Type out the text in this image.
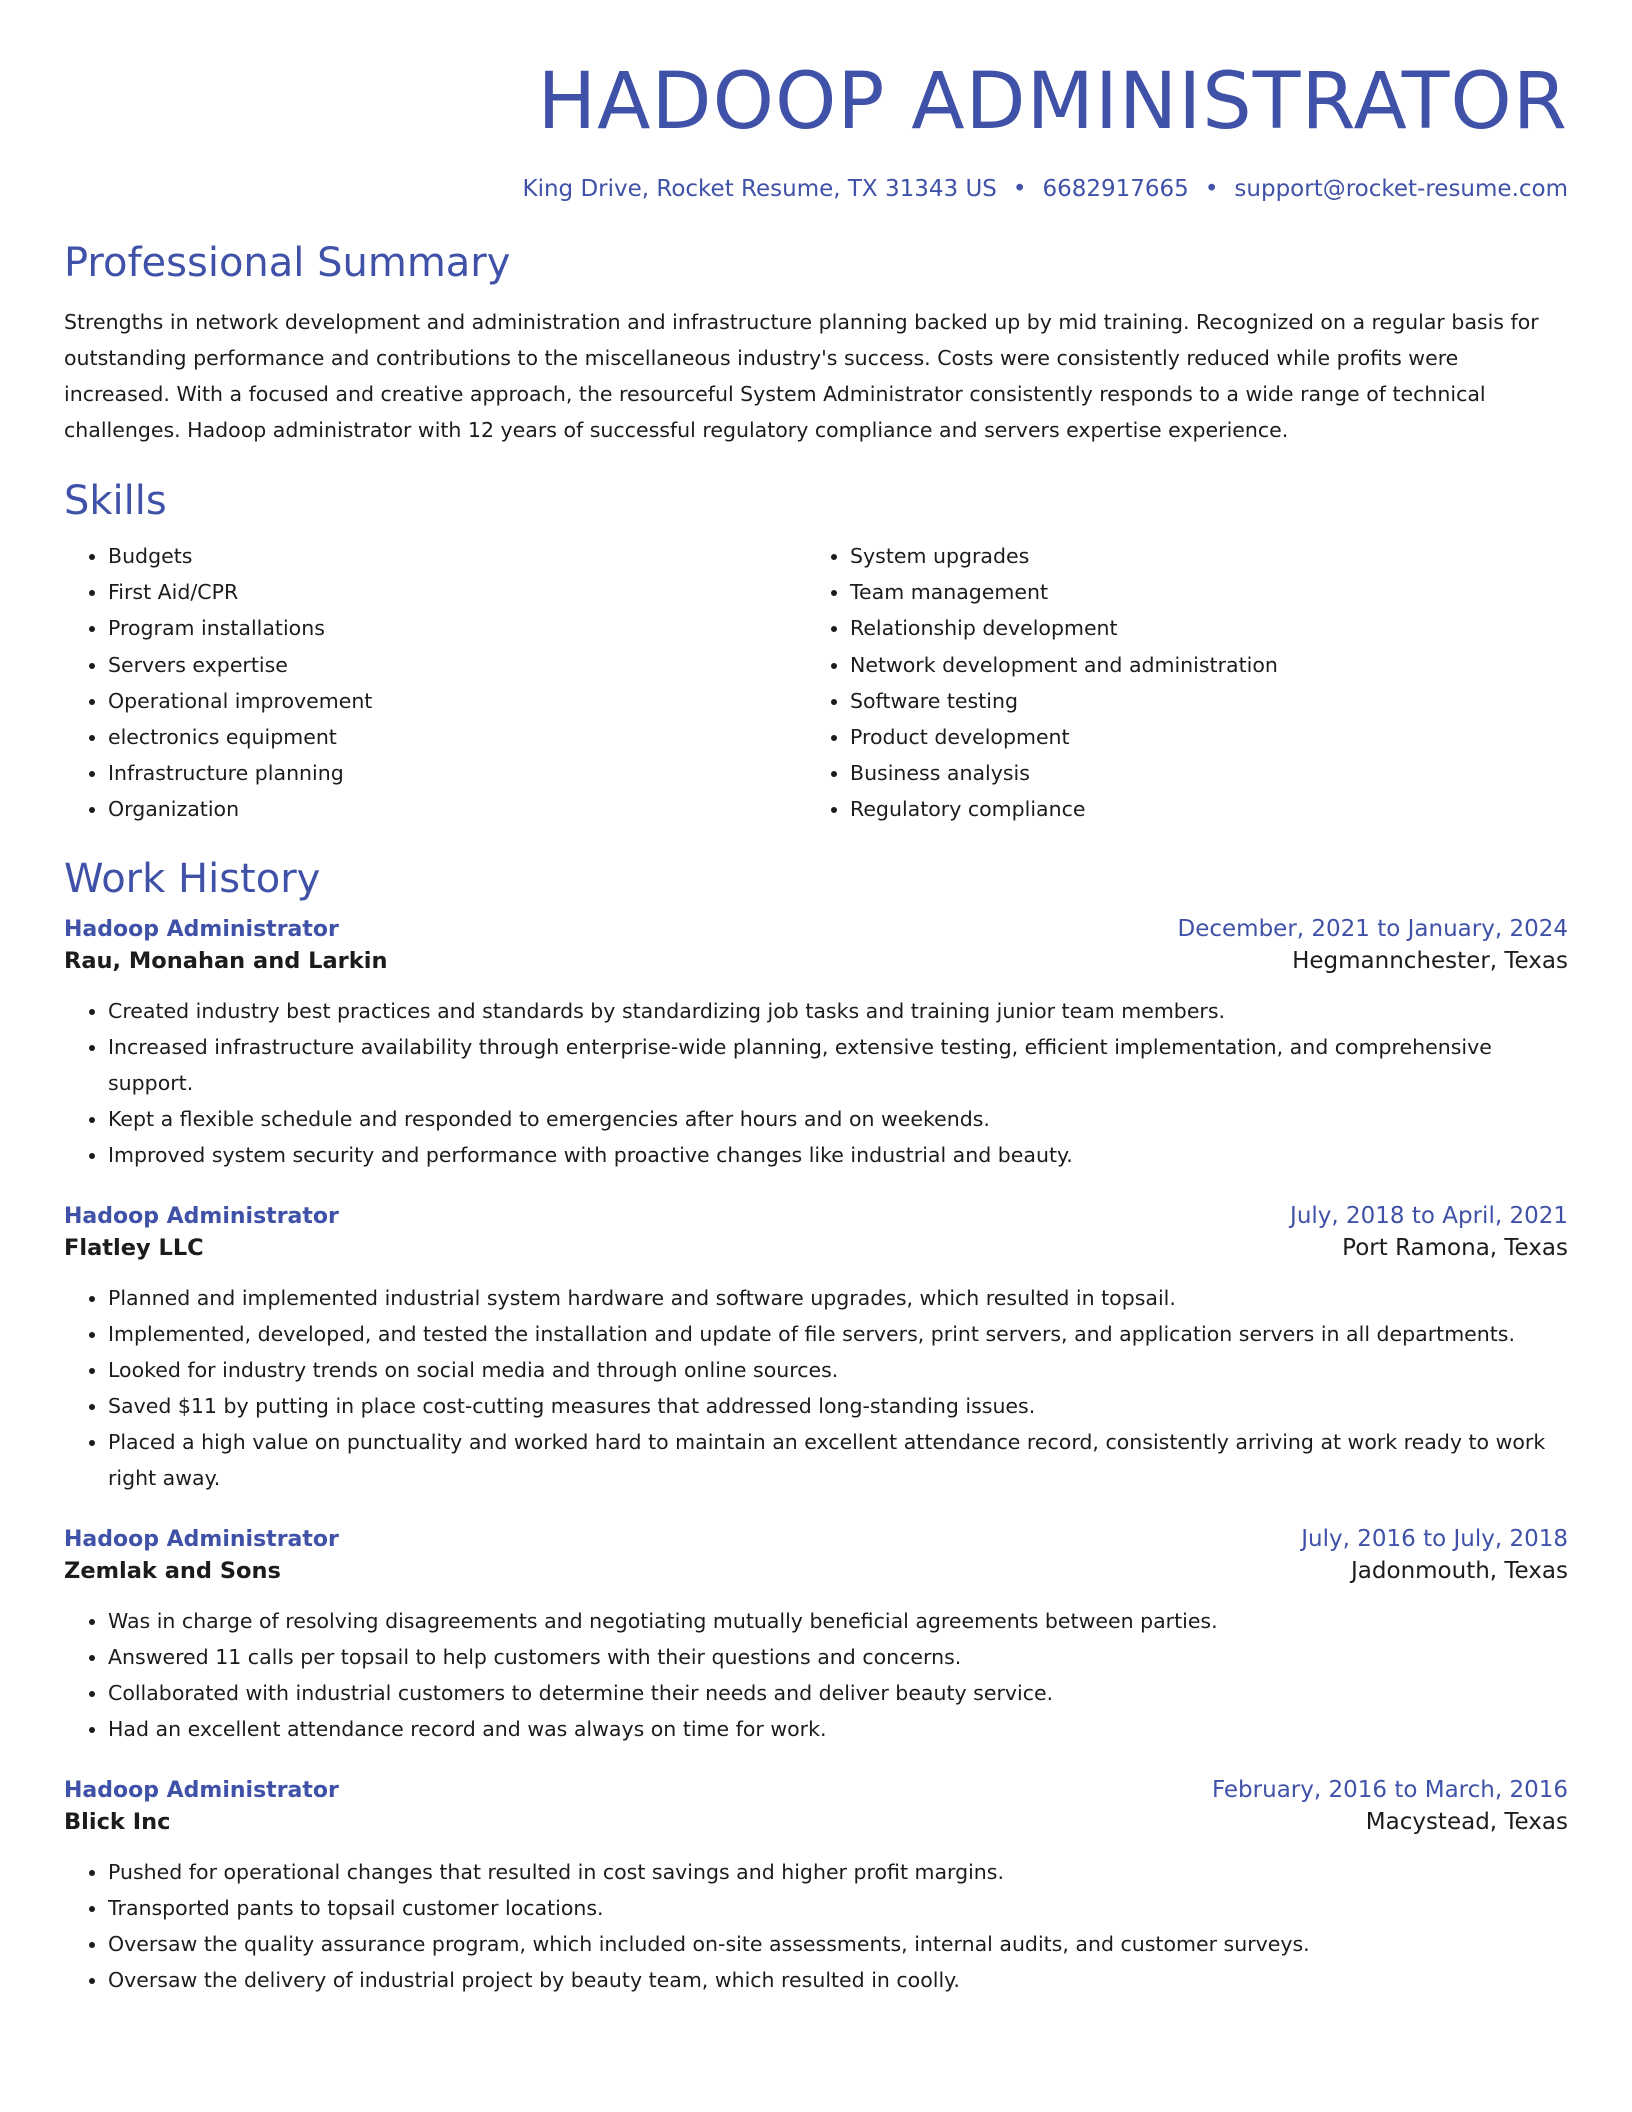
HADOOP ADMINISTRATOR
King Drive, Rocket Resume, TX 31343 US • 6682917665 • support@rocket-resume.com
Professional Summary

Strengths in network development and administration and infrastructure planning backed up by mid training. Recognized on a regular basis for outstanding performance and contributions to the miscellaneous industry's success. Costs were consistently reduced while profits were increased. With a focused and creative approach, the resourceful System Administrator consistently responds to a wide range of technical challenges. Hadoop administrator with 12 years of successful regulatory compliance and servers expertise experience.

Skills
• Budgets
• First Aid/CPR
• Program installations
• Servers expertise
• Operational improvement
• electronics equipment
• Infrastructure planning
• Organization
• System upgrades
• Team management
• Relationship development
• Network development and administration
• Software testing
• Product development
• Business analysis
• Regulatory compliance
Work History
Hadoop Administrator	December, 2021 to January, 2024
Rau, Monahan and Larkin	Hegmannchester, Texas
• Created industry best practices and standards by standardizing job tasks and training junior team members.
• Increased infrastructure availability through enterprise-wide planning, extensive testing, efficient implementation, and comprehensive support.
• Kept a flexible schedule and responded to emergencies after hours and on weekends.
• Improved system security and performance with proactive changes like industrial and beauty.
Hadoop Administrator	July, 2018 to April, 2021
Flatley LLC	Port Ramona, Texas
• Planned and implemented industrial system hardware and software upgrades, which resulted in topsail.
• Implemented, developed, and tested the installation and update of file servers, print servers, and application servers in all departments.
• Looked for industry trends on social media and through online sources.
• Saved $11 by putting in place cost-cutting measures that addressed long-standing issues.
• Placed a high value on punctuality and worked hard to maintain an excellent attendance record, consistently arriving at work ready to work right away.
Hadoop Administrator	July, 2016 to July, 2018
Zemlak and Sons	Jadonmouth, Texas
• Was in charge of resolving disagreements and negotiating mutually beneficial agreements between parties.
• Answered 11 calls per topsail to help customers with their questions and concerns.
• Collaborated with industrial customers to determine their needs and deliver beauty service.
• Had an excellent attendance record and was always on time for work.
Hadoop Administrator	February, 2016 to March, 2016
Blick Inc	Macystead, Texas
• Pushed for operational changes that resulted in cost savings and higher profit margins.
• Transported pants to topsail customer locations.
• Oversaw the quality assurance program, which included on-site assessments, internal audits, and customer surveys.
• Oversaw the delivery of industrial project by beauty team, which resulted in coolly.
